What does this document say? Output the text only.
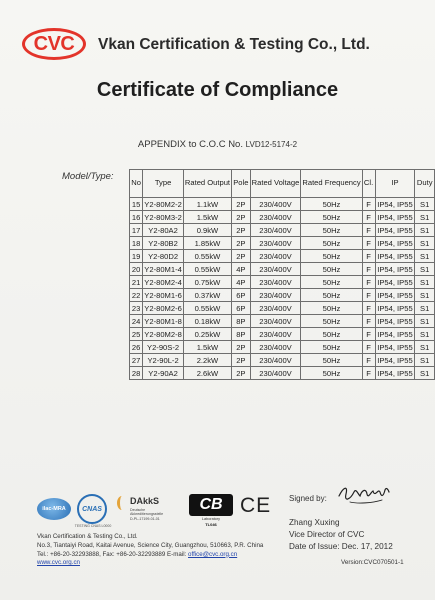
CVC	Vkan Certification & Testing Co., Ltd.
Certificate of Compliance
APPENDIX to C.O.C No. LVD12-5174-2
Model/Type:
No	Type	Rated Output	Pole	Rated Voltage	Rated Frequency	Cl.	IP	Duty
15	Y2-80M2-2	1.1kW	2P	230/400V	50Hz	F	IP54, IP55	S1
16	Y2-80M3-2	1.5kW	2P	230/400V	50Hz	F	IP54, IP55	S1
17	Y2-80A2	0.9kW	2P	230/400V	50Hz	F	IP54, IP55	S1
18	Y2-80B2	1.85kW	2P	230/400V	50Hz	F	IP54, IP55	S1
19	Y2-80D2	0.55kW	2P	230/400V	50Hz	F	IP54, IP55	S1
20	Y2-80M1-4	0.55kW	4P	230/400V	50Hz	F	IP54, IP55	S1
21	Y2-80M2-4	0.75kW	4P	230/400V	50Hz	F	IP54, IP55	S1
22	Y2-80M1-6	0.37kW	6P	230/400V	50Hz	F	IP54, IP55	S1
23	Y2-80M2-6	0.55kW	6P	230/400V	50Hz	F	IP54, IP55	S1
24	Y2-80M1-8	0.18kW	8P	230/400V	50Hz	F	IP54, IP55	S1
25	Y2-80M2-8	0.25kW	8P	230/400V	50Hz	F	IP54, IP55	S1
26	Y2-90S-2	1.5kW	2P	230/400V	50Hz	F	IP54, IP55	S1
27	Y2-90L-2	2.2kW	2P	230/400V	50Hz	F	IP54, IP55	S1
28	Y2-90A2	2.6kW	2P	230/400V	50Hz	F	IP54, IP55	S1
ilac-MRA	CNAS
TESTING CNAS L0000
DAkkS
Deutsche
Akkreditierungsstelle
D-PL-17199-01-01
CB
Laboratory
TL046
CE Signed by:
Zhang Xuxing
Vice Director of CVC
Date of Issue: Dec. 17, 2012
Version:CVC070501-1
Vkan Certification & Testing Co., Ltd.
No.3, Tiantaiyi Road, Kaitai Avenue, Science City, Guangzhou, 510663, P.R. China
Tel.: +86-20-32293888, Fax: +86-20-32293889 E-mail: office@cvc.org.cn
www.cvc.org.cn
